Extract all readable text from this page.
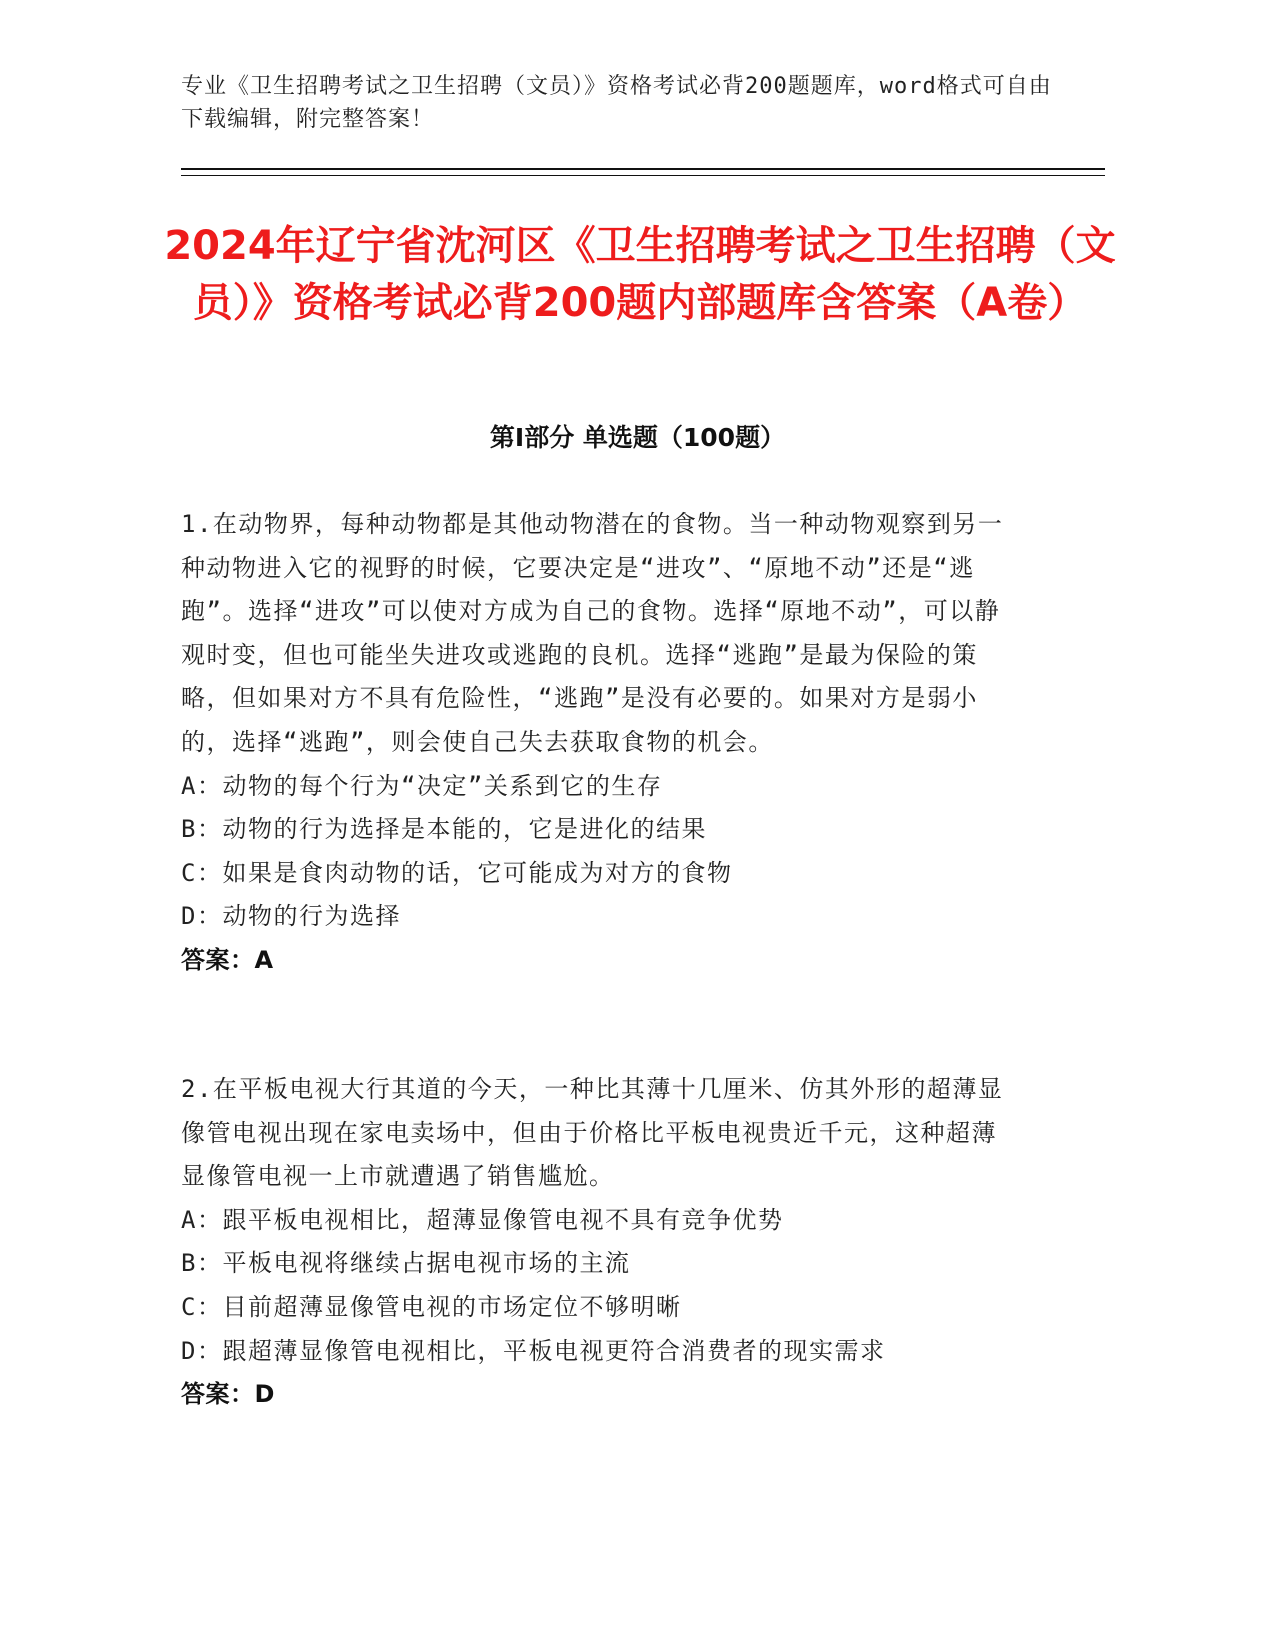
专业《卫生招聘考试之卫生招聘（文员）》资格考试必背200题题库，word格式可自由下载编辑，附完整答案！
2024年辽宁省沈河区《卫生招聘考试之卫生招聘（文员）》资格考试必背200题内部题库含答案（A卷）
第Ⅰ部分 单选题（100题）

1.在动物界，每种动物都是其他动物潜在的食物。当一种动物观察到另一种动物进入它的视野的时候，它要决定是“进攻”、“原地不动”还是“逃跑”。选择“进攻”可以使对方成为自己的食物。选择“原地不动”，可以静观时变，但也可能坐失进攻或逃跑的良机。选择“逃跑”是最为保险的策略，但如果对方不具有危险性，“逃跑”是没有必要的。如果对方是弱小的，选择“逃跑”，则会使自己失去获取食物的机会。

A：动物的每个行为“决定”关系到它的生存

B：动物的行为选择是本能的，它是进化的结果

C：如果是食肉动物的话，它可能成为对方的食物

D：动物的行为选择

答案：A

2.在平板电视大行其道的今天，一种比其薄十几厘米、仿其外形的超薄显像管电视出现在家电卖场中，但由于价格比平板电视贵近千元，这种超薄显像管电视一上市就遭遇了销售尴尬。

A：跟平板电视相比，超薄显像管电视不具有竞争优势

B：平板电视将继续占据电视市场的主流

C：目前超薄显像管电视的市场定位不够明晰

D：跟超薄显像管电视相比，平板电视更符合消费者的现实需求

答案：D
